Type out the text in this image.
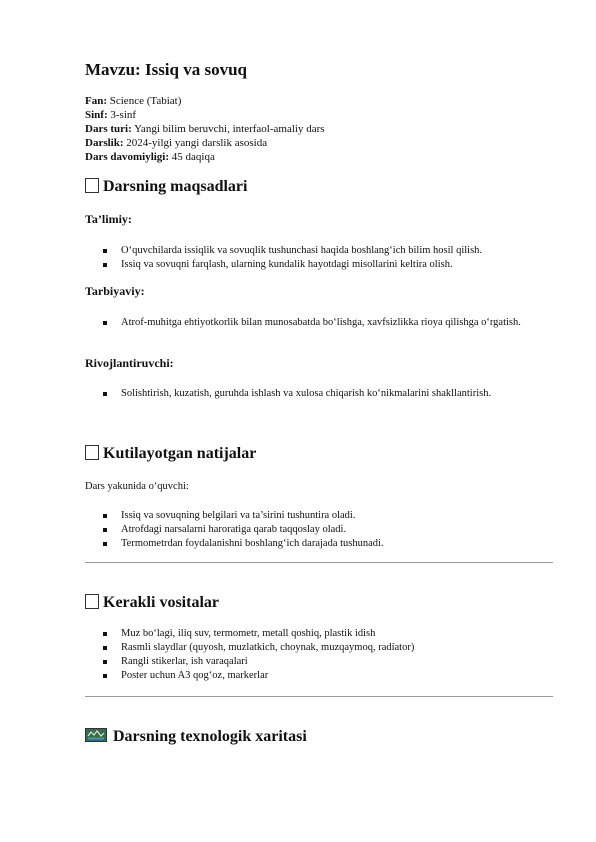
Mavzu: Issiq va sovuq
Fan: Science (Tabiat)
Sinf: 3-sinf
Dars turi: Yangi bilim beruvchi, interfaol-amaliy dars
Darslik: 2024-yilgi yangi darslik asosida
Dars davomiyligi: 45 daqiqa
Darsning maqsadlari
Ta’limiy:
O‘quvchilarda issiqlik va sovuqlik tushunchasi haqida boshlang‘ich bilim hosil qilish.
Issiq va sovuqni farqlash, ularning kundalik hayotdagi misollarini keltira olish.
Tarbiyaviy:
Atrof-muhitga ehtiyotkorlik bilan munosabatda bo‘lishga, xavfsizlikka rioya qilishga o‘rgatish.
Rivojlantiruvchi:
Solishtirish, kuzatish, guruhda ishlash va xulosa chiqarish ko‘nikmalarini shakllantirish.
Kutilayotgan natijalar

Dars yakunida o‘quvchi:

Issiq va sovuqning belgilari va ta’sirini tushuntira oladi.
Atrofdagi narsalarni haroratiga qarab taqqoslay oladi.
Termometrdan foydalanishni boshlang‘ich darajada tushunadi.
Kerakli vositalar
Muz bo‘lagi, iliq suv, termometr, metall qoshiq, plastik idish
Rasmli slaydlar (quyosh, muzlatkich, choynak, muzqaymoq, radiator)
Rangli stikerlar, ish varaqalari
Poster uchun A3 qog‘oz, markerlar
Darsning texnologik xaritasi
